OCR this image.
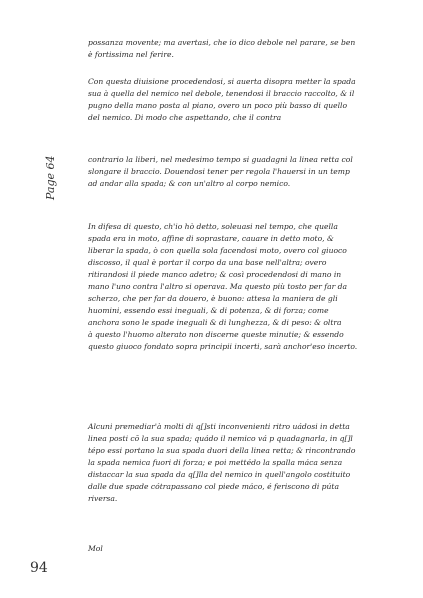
Page 64
possanza movente; ma avertasi, che io dico debole nel parare, se ben
è fortissima nel ferire.
Con questa diuisione procedendosi, si auerta disopra metter la spada
sua à quella del nemico nel debole, tenendosi il braccio raccolto, & il
pugno della mano posta al piano, overo un poco più basso di quello
del nemico. Di modo che aspettando, che il contra
contrario la liberi, nel medesimo tempo si guadagni la linea retta col
slongare il braccio. Douendosi tener per regola l'hauersi in un temp
ad andar alla spada; & con un'altro al corpo nemico.
In difesa di questo, ch'io hò detto, soleuasi nel tempo, che quella
spada era in moto, affine di soprastare, cauare in detto moto, &
liberar la spada, ò con quella sola facendosi moto, overo col giuoco
discosso, il qual è portar il corpo da una base nell'altra; overo
ritirandosi il piede manco adetro; & così procedendosi di mano in
mano l'uno contra l'altro si operava. Ma questo più tosto per far da
scherzo, che per far da douero, è buono: attesa la maniera de gli
huomini, essendo essi ineguali, & di potenza, & di forza; come
anchora sono le spade ineguali & di lunghezza, & di peso: & oltra
à questo l'huomo alterato non discerne queste minutie; & essendo
questo giuoco fondato sopra principii incerti, sarà anchor'eso incerto.
Alcuni premediar'à molti di q[]sti inconvenienti ritro uádosi in detta
linea posti cō la sua spada; quádo il nemico vá p quadagnarla, in q[]l
tépo essi portano la sua spada duori della linea retta; & rincontrando
la spada nemica fuori di forza; e poi mettédo la spalla máca senza
distaccar la sua spada da q[]lla del nemico in quell'angolo costituito
dalle due spade cótrapassano col piede máco, é feriscono di púta
riversa.
Mol
94
